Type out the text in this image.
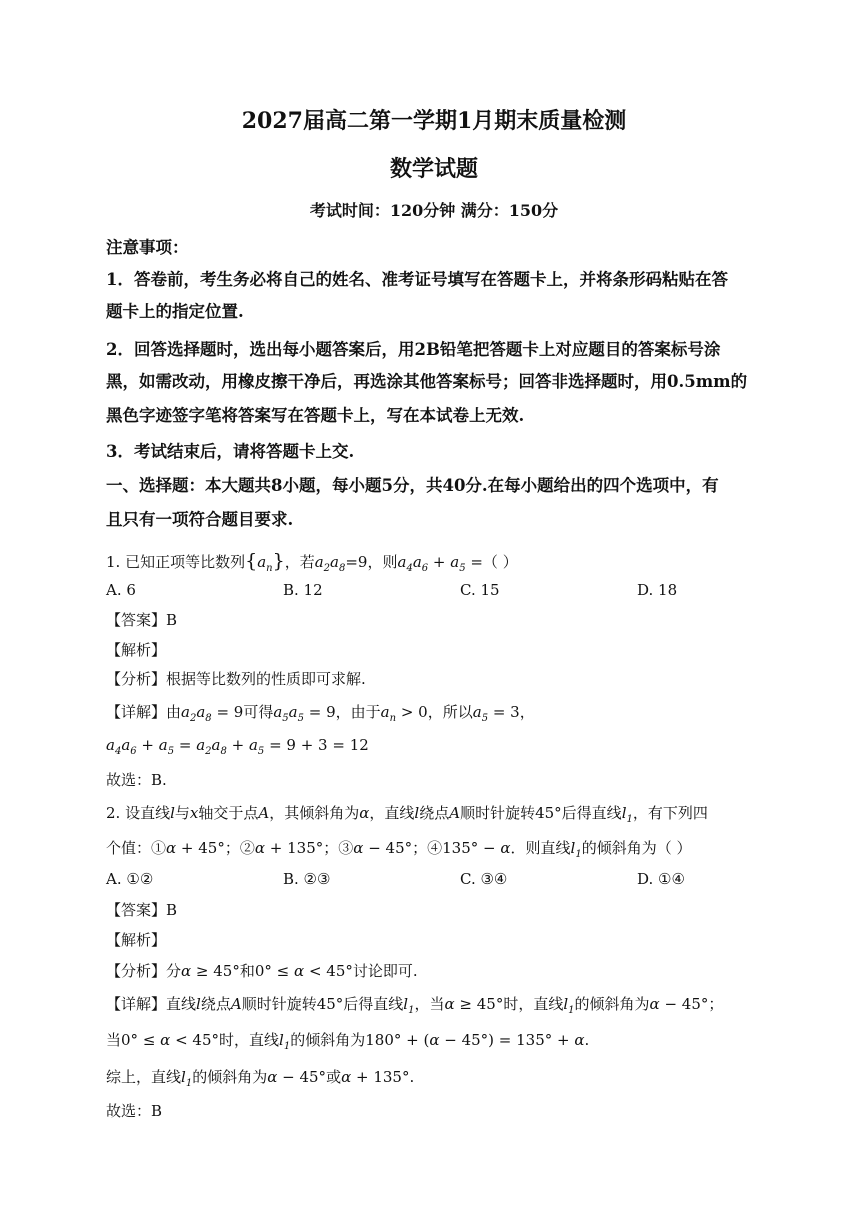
2027届高二第一学期1月期末质量检测
数学试题
考试时间：120分钟 满分：150分
注意事项：
1．答卷前，考生务必将自己的姓名、准考证号填写在答题卡上，并将条形码粘贴在答
题卡上的指定位置.
2．回答选择题时，选出每小题答案后，用2B铅笔把答题卡上对应题目的答案标号涂
黑，如需改动，用橡皮擦干净后，再选涂其他答案标号；回答非选择题时，用0.5mm的
黑色字迹签字笔将答案写在答题卡上，写在本试卷上无效.
3．考试结束后，请将答题卡上交.
一、选择题：本大题共8小题，每小题5分，共40分.在每小题给出的四个选项中，有
且只有一项符合题目要求.
1. 已知正项等比数列$\{a_n\}$，若$a_2a_8=9$，则$a_4a_6 + a_5$ =（ ）
A. 6	B. 12	C. 15	D. 18
【答案】B
【解析】
【分析】根据等比数列的性质即可求解.
【详解】由$a_2a_8 = 9$可得$a_5a_5 = 9$，由于$a_n > 0$，所以$a_5 = 3$，
$a_4a_6 + a_5 = a_2a_8 + a_5 = 9 + 3 = 12$
故选：B.
2. 设直线l与x轴交于点A，其倾斜角为α，直线l绕点A顺时针旋转45°后得直线$l_1$，有下列四
个值：①α + 45°；②α + 135°；③α − 45°；④135° − α．则直线$l_1$的倾斜角为（ ）
A. ①②	B. ②③	C. ③④	D. ①④
【答案】B
【解析】
【分析】分α ≥ 45°和0° ≤ α < 45°讨论即可.
【详解】直线l绕点A顺时针旋转45°后得直线$l_1$，当α ≥ 45°时，直线$l_1$的倾斜角为α − 45°；
当0° ≤ α < 45°时，直线$l_1$的倾斜角为180° + (α − 45°) = 135° + α.
综上，直线$l_1$的倾斜角为α − 45°或α + 135°.
故选：B
